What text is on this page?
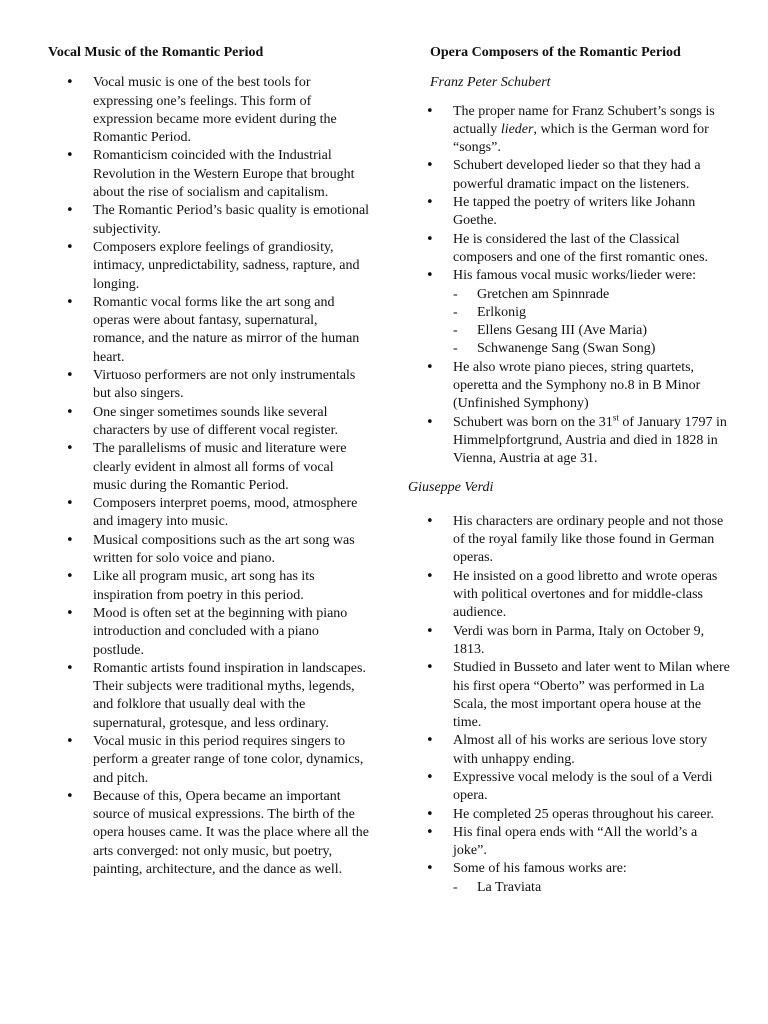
Vocal Music of the Romantic Period
• Vocal music is one of the best tools for expressing one’s feelings. This form of expression became more evident during the Romantic Period.
• Romanticism coincided with the Industrial Revolution in the Western Europe that brought about the rise of socialism and capitalism.
• The Romantic Period’s basic quality is emotional subjectivity.
• Composers explore feelings of grandiosity, intimacy, unpredictability, sadness, rapture, and longing.
• Romantic vocal forms like the art song and operas were about fantasy, supernatural, romance, and the nature as mirror of the human heart.
• Virtuoso performers are not only instrumentals but also singers.
• One singer sometimes sounds like several characters by use of different vocal register.
• The parallelisms of music and literature were clearly evident in almost all forms of vocal music during the Romantic Period.
• Composers interpret poems, mood, atmosphere and imagery into music.
• Musical compositions such as the art song was written for solo voice and piano.
• Like all program music, art song has its inspiration from poetry in this period.
• Mood is often set at the beginning with piano introduction and concluded with a piano postlude.
• Romantic artists found inspiration in landscapes. Their subjects were traditional myths, legends, and folklore that usually deal with the supernatural, grotesque, and less ordinary.
• Vocal music in this period requires singers to perform a greater range of tone color, dynamics, and pitch.
• Because of this, Opera became an important source of musical expressions. The birth of the opera houses came. It was the place where all the arts converged: not only music, but poetry, painting, architecture, and the dance as well.
Opera Composers of the Romantic Period
Franz Peter Schubert
• The proper name for Franz Schubert’s songs is actually lieder, which is the German word for “songs”.
• Schubert developed lieder so that they had a powerful dramatic impact on the listeners.
• He tapped the poetry of writers like Johann Goethe.
• He is considered the last of the Classical composers and one of the first romantic ones.
• His famous vocal music works/lieder were:
- Gretchen am Spinnrade
- Erlkonig
- Ellens Gesang III (Ave Maria)
- Schwanenge Sang (Swan Song)
• He also wrote piano pieces, string quartets, operetta and the Symphony no.8 in B Minor (Unfinished Symphony)
• Schubert was born on the 31st of January 1797 in Himmelpfortgrund, Austria and died in 1828 in Vienna, Austria at age 31.
Giuseppe Verdi
• His characters are ordinary people and not those of the royal family like those found in German operas.
• He insisted on a good libretto and wrote operas with political overtones and for middle-class audience.
• Verdi was born in Parma, Italy on October 9, 1813.
• Studied in Busseto and later went to Milan where his first opera “Oberto” was performed in La Scala, the most important opera house at the time.
• Almost all of his works are serious love story with unhappy ending.
• Expressive vocal melody is the soul of a Verdi opera.
• He completed 25 operas throughout his career.
• His final opera ends with “All the world’s a joke”.
• Some of his famous works are:
- La Traviata
